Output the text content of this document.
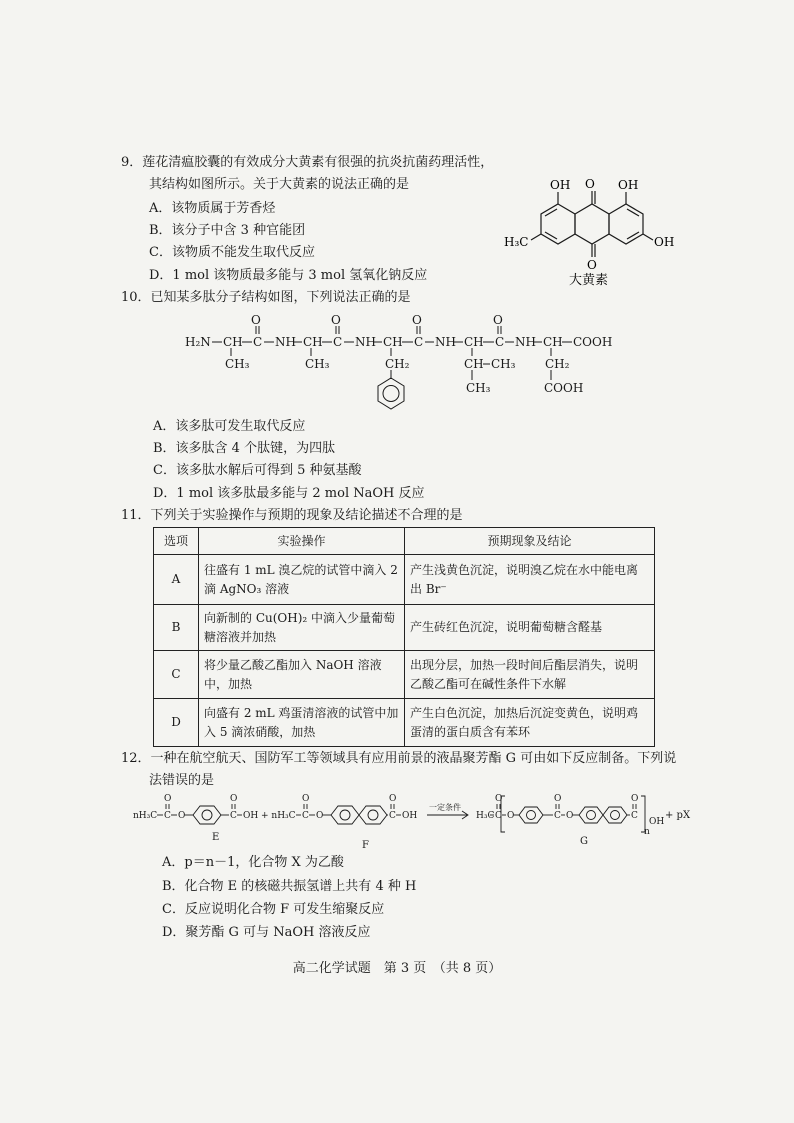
9．莲花清瘟胶囊的有效成分大黄素有很强的抗炎抗菌药理活性，
其结构如图所示。关于大黄素的说法正确的是
A．该物质属于芳香烃
B．该分子中含 3 种官能团
C．该物质不能发生取代反应
D．1 mol 该物质最多能与 3 mol 氢氧化钠反应
OH O OH
OH
H₃C
O
大黄素
10．已知某多肽分子结构如图，下列说法正确的是
H₂N CH C
O
NH CH C
O
NH CH C
O
NH CH C
O
NH CH COOH
CH₃	CH₃	CH₂	CH CH₃
CH₃
CH₂
COOH
A．该多肽可发生取代反应
B．该多肽含 4 个肽键，为四肽
C．该多肽水解后可得到 5 种氨基酸
D．1 mol 该多肽最多能与 2 mol NaOH 反应
11．下列关于实验操作与预期的现象及结论描述不合理的是
选项	实验操作	预期现象及结论
A	往盛有 1 mL 溴乙烷的试管中滴入 2 滴 AgNO₃ 溶液	产生浅黄色沉淀，说明溴乙烷在水中能电离出 Br⁻
B	向新制的 Cu(OH)₂ 中滴入少量葡萄糖溶液并加热	产生砖红色沉淀，说明葡萄糖含醛基
C	将少量乙酸乙酯加入 NaOH 溶液中，加热	出现分层，加热一段时间后酯层消失，说明乙酸乙酯可在碱性条件下水解
D	向盛有 2 mL 鸡蛋清溶液的试管中加入 5 滴浓硝酸，加热	产生白色沉淀，加热后沉淀变黄色，说明鸡蛋清的蛋白质含有苯环
12．一种在航空航天、国防军工等领域具有应用前景的液晶聚芳酯 G 可由如下反应制备。下列说
法错误的是
nH₃C C
O
O	C
O
OH
E
+ nH₃C C
O
O	C
O
OH
F
一定条件
H₃C C
O
O	C
O
O	C
O
OH
n
+ pX
G
A．p＝n－1，化合物 X 为乙酸
B．化合物 E 的核磁共振氢谱上共有 4 种 H
C．反应说明化合物 F 可发生缩聚反应
D．聚芳酯 G 可与 NaOH 溶液反应
高二化学试题　第 3 页　（共 8 页）
